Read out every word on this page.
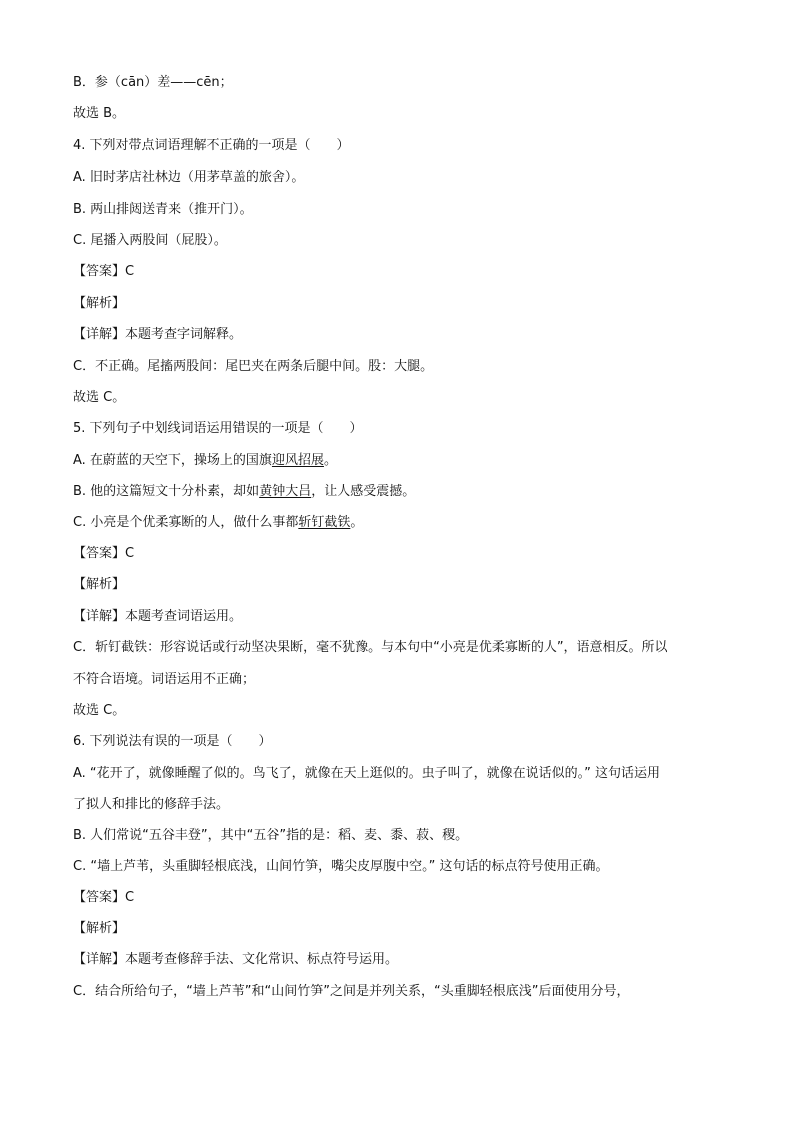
B．参（cān）差——cēn；
故选 B。
4. 下列对带点词语理解不正确的一项是（　　）
A. 旧时茅店社林边（用茅草盖的旅舍）。
B. 两山排闼送青来（推开门）。
C. 尾播入两股间（屁股）。
【答案】C
【解析】
【详解】本题考查字词解释。
C．不正确。尾搐两股间：尾巴夹在两条后腿中间。股：大腿。
故选 C。
5. 下列句子中划线词语运用错误的一项是（　　）
A. 在蔚蓝的天空下，操场上的国旗迎风招展。
B. 他的这篇短文十分朴素，却如黄钟大吕，让人感受震撼。
C. 小亮是个优柔寡断的人，做什么事都斩钉截铁。
【答案】C
【解析】
【详解】本题考查词语运用。
C．斩钉截铁：形容说话或行动坚决果断，毫不犹豫。与本句中“小亮是优柔寡断的人”，语意相反。所以
不符合语境。词语运用不正确；
故选 C。
6. 下列说法有误的一项是（　　）
A. “花开了，就像睡醒了似的。鸟飞了，就像在天上逛似的。虫子叫了，就像在说话似的。” 这句话运用
了拟人和排比的修辞手法。
B. 人们常说“五谷丰登”，其中“五谷”指的是：稻、麦、黍、菽、稷。
C. “墙上芦苇，头重脚轻根底浅，山间竹笋，嘴尖皮厚腹中空。” 这句话的标点符号使用正确。
【答案】C
【解析】
【详解】本题考查修辞手法、文化常识、标点符号运用。
C．结合所给句子，“墙上芦苇”和“山间竹笋”之间是并列关系，“头重脚轻根底浅”后面使用分号，
